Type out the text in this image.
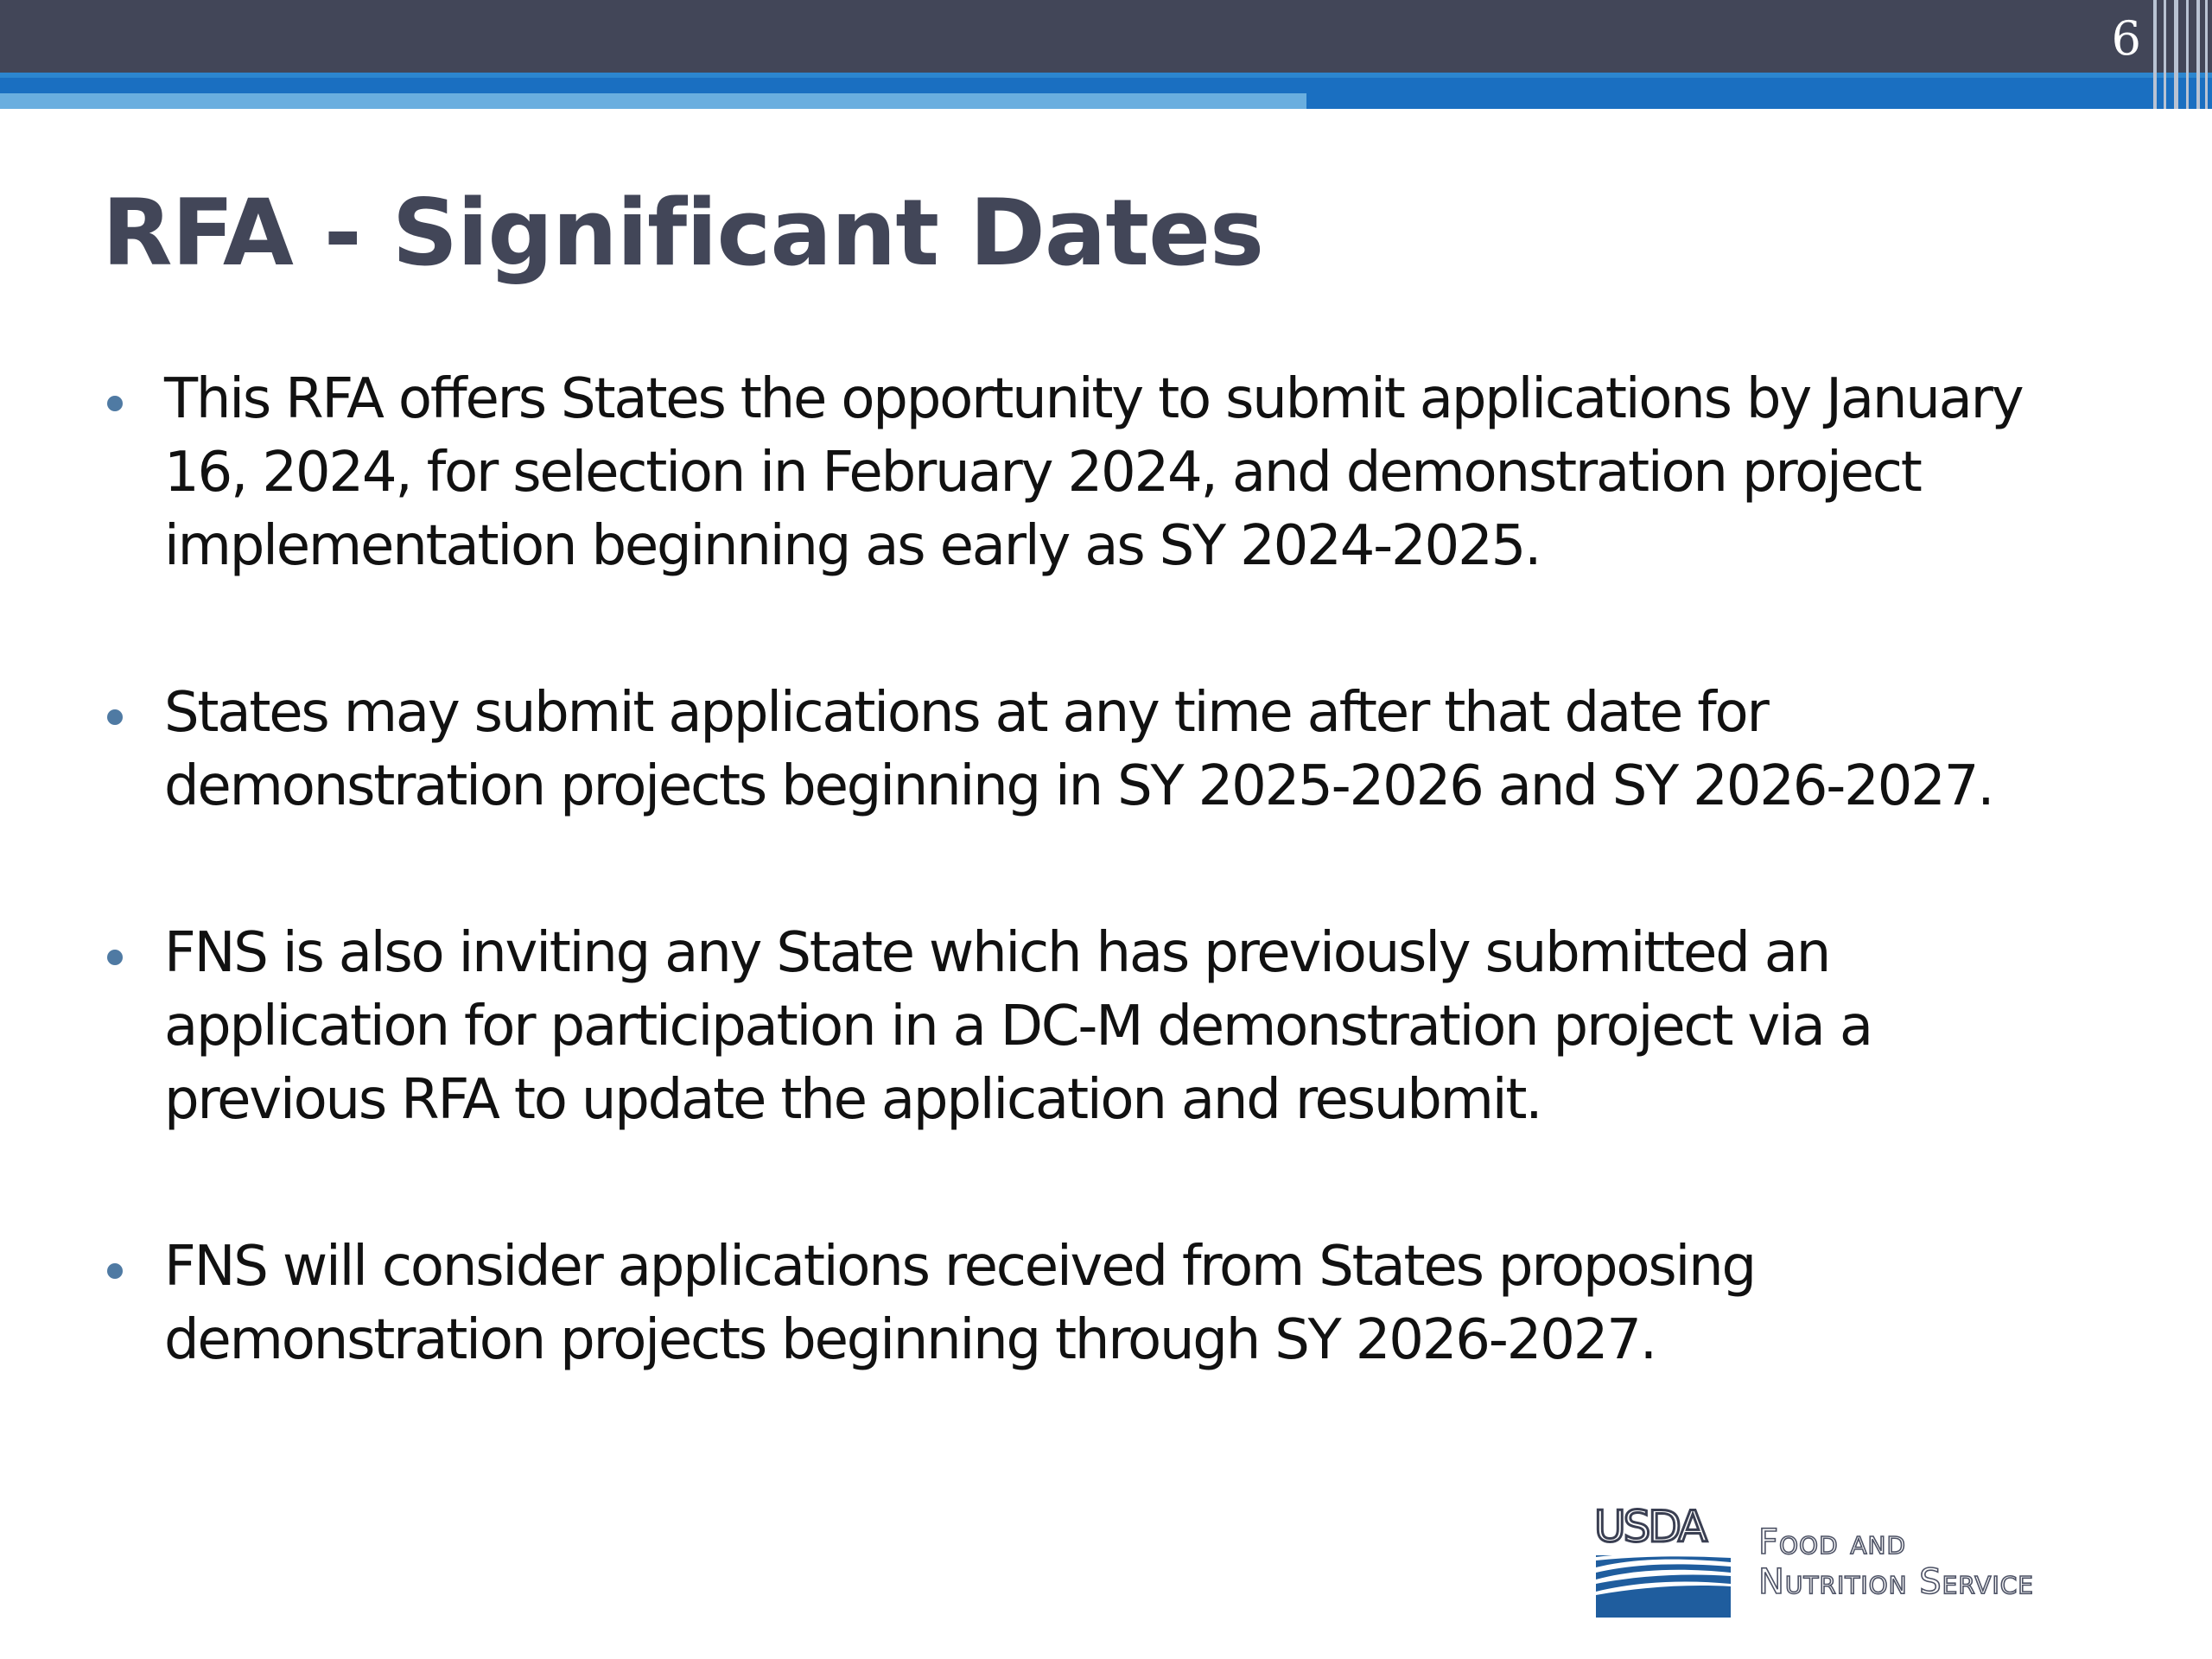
6
RFA - Significant Dates
This RFA offers States the opportunity to submit applications by January 16, 2024, for selection in February 2024, and demonstration project implementation beginning as early as SY 2024-2025.
States may submit applications at any time after that date for demonstration projects beginning in SY 2025-2026 and SY 2026-2027.
FNS is also inviting any State which has previously submitted an application for participation in a DC-M demonstration project via a previous RFA to update the application and resubmit.
FNS will consider applications received from States proposing demonstration projects beginning through SY 2026-2027.
USDA Food and
Nutrition Service
